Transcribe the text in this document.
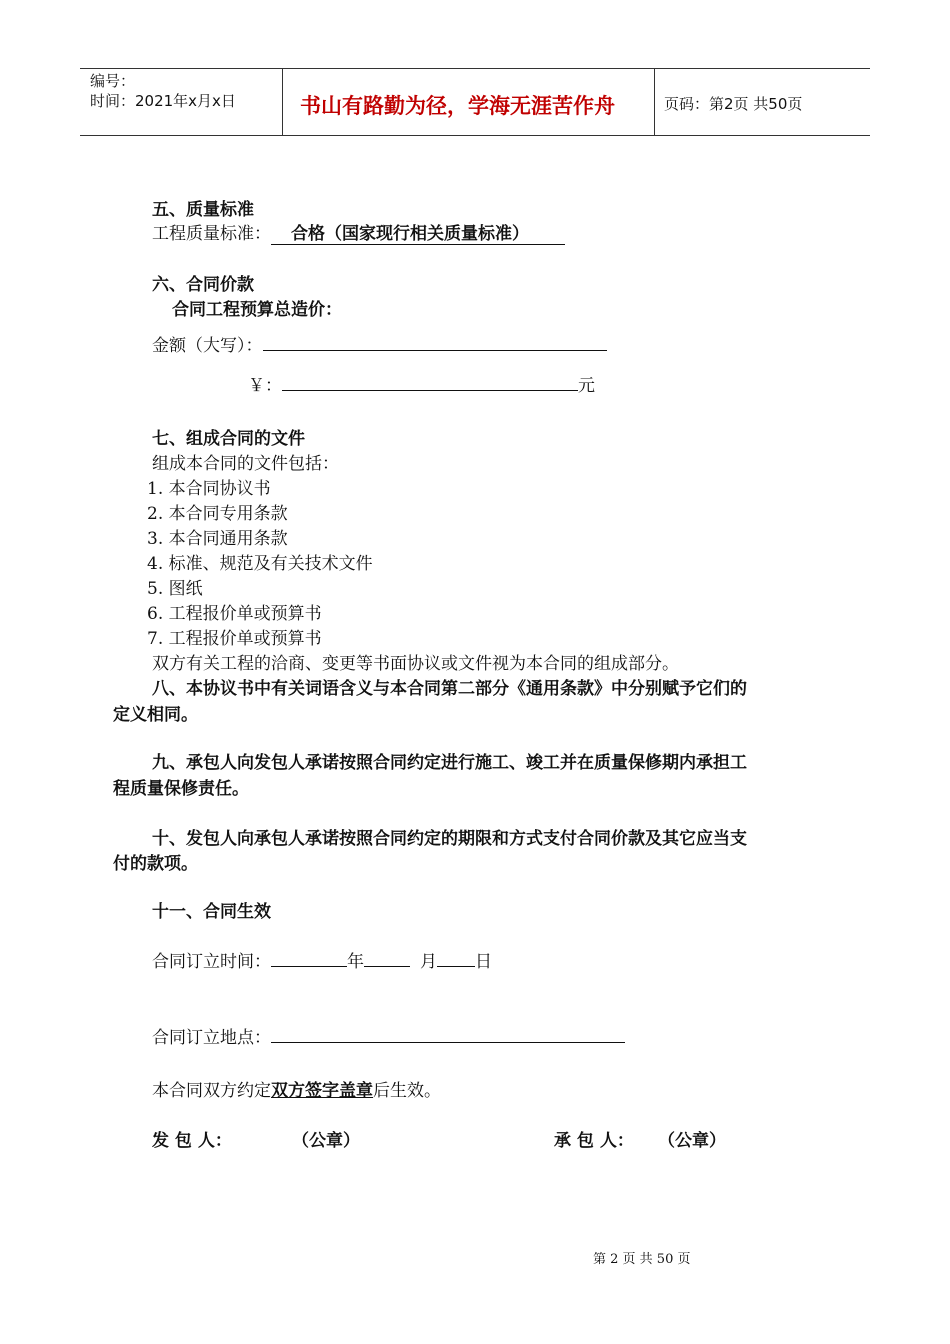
编号：
时间：2021年x月x日	书山有路勤为径，学海无涯苦作舟	页码：第2页 共50页
五、质量标准
工程质量标准： 合格（国家现行相关质量标准）
六、合同价款
合同工程预算总造价：
金额（大写）：
￥：	元
七、组成合同的文件
组成本合同的文件包括：
1. 本合同协议书
2. 本合同专用条款
3. 本合同通用条款
4. 标准、规范及有关技术文件
5. 图纸
6. 工程报价单或预算书
7. 工程报价单或预算书
双方有关工程的洽商、变更等书面协议或文件视为本合同的组成部分。
八、本协议书中有关词语含义与本合同第二部分《通用条款》中分别赋予它们的
定义相同。
九、承包人向发包人承诺按照合同约定进行施工、竣工并在质量保修期内承担工
程质量保修责任。
十、发包人向承包人承诺按照合同约定的期限和方式支付合同价款及其它应当支
付的款项。
十一、合同生效
合同订立时间：	年	月 日
合同订立地点：
本合同双方约定双方签字盖章后生效。
发 包 人：	（公章）	承 包 人： （公章）
第 2 页 共 50 页
